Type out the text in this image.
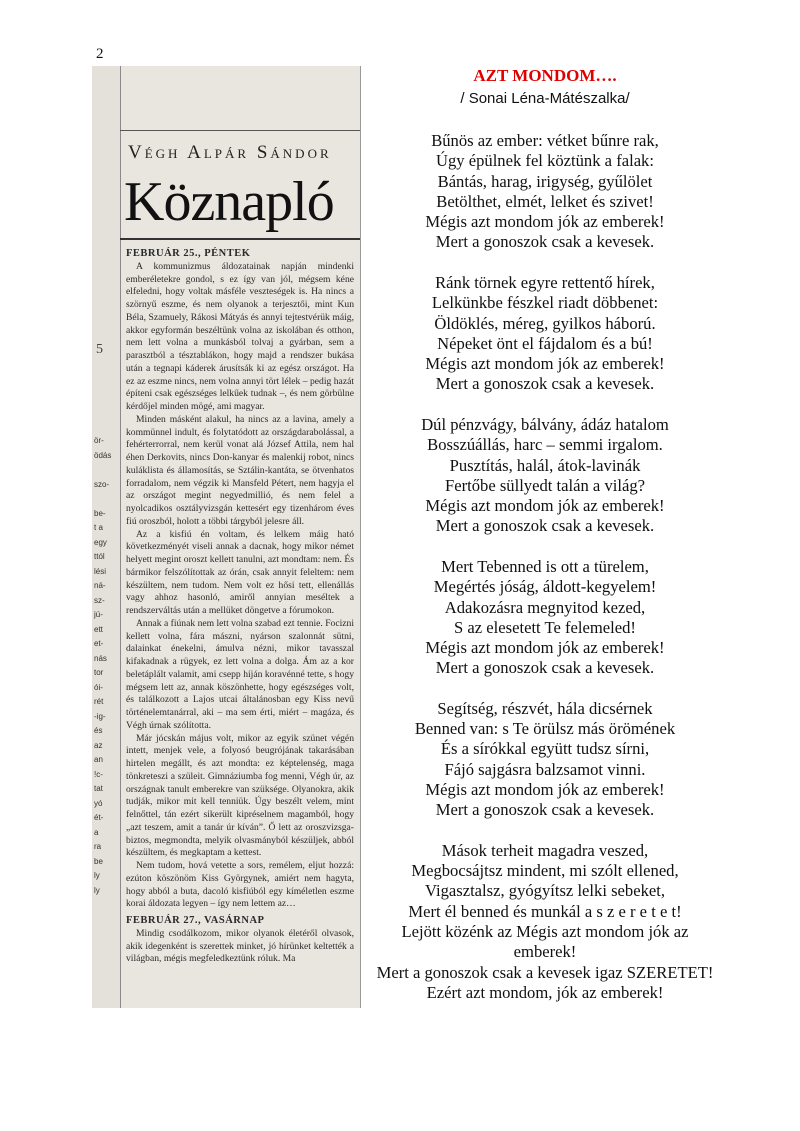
2
5
ör-
ödás

szo-

be-
t a
egy
ttól
lési
ná-
sz-
jú-
ett
et-
nás
tor
ói-
rét
-ig-
és
az
an
!c-
tat
yó
ét-
a
ra
be
ly
ly
Végh Alpár Sándor
Köznapló

FEBRUÁR 25., PÉNTEK

A kommunizmus áldozatainak napján mindenki emberéletekre gondol, s ez így van jól, mégsem kéne elfeledni, hogy voltak másféle veszteségek is. Ha nincs a szörnyű eszme, és nem olyanok a terjesztői, mint Kun Béla, Szamuely, Rákosi Mátyás és annyi tejtestvérük máig, akkor egyformán beszéltünk volna az iskolában és otthon, nem lett volna a munkásból tolvaj a gyárban, sem a parasztból a tésztablákon, hogy majd a rendszer bukása után a tegnapi káderek árusítsák ki az egész országot. Ha ez az eszme nincs, nem volna annyi tört lélek – pedig hazát építeni csak egészséges lelkűek tudnak –, és nem görbülne kérdőjel minden mögé, ami magyar.

Minden másként alakul, ha nincs az a lavina, amely a kommünnel indult, és folytatódott az országdarabolással, a fehérterrorral, nem kerül vonat alá József Attila, nem hal éhen Derkovits, nincs Don-kanyar és malenkij robot, nincs kuláklista és államosítás, se Sztálin-kantáta, se ötvenhatos forradalom, nem végzik ki Mansfeld Pétert, nem hagyja el az országot megint negyedmillió, és nem felel a nyolcadikos osztályvizsgán kettesért egy tizenhárom éves fiú oroszból, holott a többi tárgyból jelesre áll.

Az a kisfiú én voltam, és lelkem máig ható következményét viseli annak a dacnak, hogy mikor német helyett megint oroszt kellett tanulni, azt mondtam: nem. És bármikor felszólítottak az órán, csak annyit feleltem: nem készültem, nem tudom. Nem volt ez hősi tett, ellenállás vagy ahhoz hasonló, amiről annyian meséltek a rendszerváltás után a mellüket döngetve a fórumokon.

Annak a fiúnak nem lett volna szabad ezt tennie. Focizni kellett volna, fára mászni, nyárson szalonnát sütni, dalainkat énekelni, ámulva nézni, mikor tavasszal kifakadnak a rügyek, ez lett volna a dolga. Ám az a kor beletáplált valamit, ami csepp híján koravénné tette, s hogy mégsem lett az, annak köszönhette, hogy egészséges volt, és találkozott a Lajos utcai általánosban egy Kiss nevű történelemtanárral, aki – ma sem érti, miért – magáza, és Végh úrnak szólította.

Már jócskán május volt, mikor az egyik szünet végén intett, menjek vele, a folyosó beugrójának takarásában hirtelen megállt, és azt mondta: ez képtelenség, maga tönkreteszi a szüleit. Gimnáziumba fog menni, Végh úr, az országnak tanult emberekre van szüksége. Olyanokra, akik tudják, mikor mit kell tenniük. Úgy beszélt velem, mint felnőttel, tán ezért sikerült kipréselnem magamból, hogy „azt teszem, amit a tanár úr kíván”. Ő lett az oroszvizsga-biztos, megmondta, melyik olvasmányból készüljek, abból készültem, és megkaptam a kettest.

Nem tudom, hová vetette a sors, remélem, eljut hozzá: ezúton köszönöm Kiss Györgynek, amiért nem hagyta, hogy abból a buta, dacoló kisfiúból egy kíméletlen eszme korai áldozata legyen – így nem lettem az…

FEBRUÁR 27., VASÁRNAP

Mindig csodálkozom, mikor olyanok életéről olvasok, akik idegenként is szerettek minket, jó hírünket keltették a világban, mégis megfeledkeztünk róluk. Ma

AZT MONDOM….
/ Sonai Léna-Mátészalka/
Bűnös az ember: vétket bűnre rak,
Úgy épülnek fel köztünk a falak:
Bántás, harag, irigység, gyűlölet
Betölthet, elmét, lelket és szivet!
Mégis azt mondom jók az emberek!
Mert a gonoszok csak a kevesek.
Ránk törnek egyre rettentő hírek,
Lelkünkbe fészkel riadt döbbenet:
Öldöklés, méreg, gyilkos háború.
Népeket önt el fájdalom és a bú!
Mégis azt mondom jók az emberek!
Mert a gonoszok csak a kevesek.
Dúl pénzvágy, bálvány, ádáz hatalom
Bosszúállás, harc – semmi irgalom.
Pusztítás, halál, átok-lavinák
Fertőbe süllyedt talán a világ?
Mégis azt mondom jók az emberek!
Mert a gonoszok csak a kevesek.
Mert Tebenned is ott a türelem,
Megértés jóság, áldott-kegyelem!
Adakozásra megnyitod kezed,
S az elesetett Te felemeled!
Mégis azt mondom jók az emberek!
Mert a gonoszok csak a kevesek.
Segítség, részvét, hála dicsérnek
Benned van: s Te örülsz más örömének
És a sírókkal együtt tudsz sírni,
Fájó sajgásra balzsamot vinni.
Mégis azt mondom jók az emberek!
Mert a gonoszok csak a kevesek.
Mások terheit magadra veszed,
Megbocsájtsz mindent, mi szólt ellened,
Vigasztalsz, gyógyítsz lelki sebeket,
Mert él benned és munkál a s z e r e t e t!
Lejött közénk az Mégis azt mondom jók az emberek!
Mert a gonoszok csak a kevesek igaz SZERETET!
Ezért azt mondom, jók az emberek!
